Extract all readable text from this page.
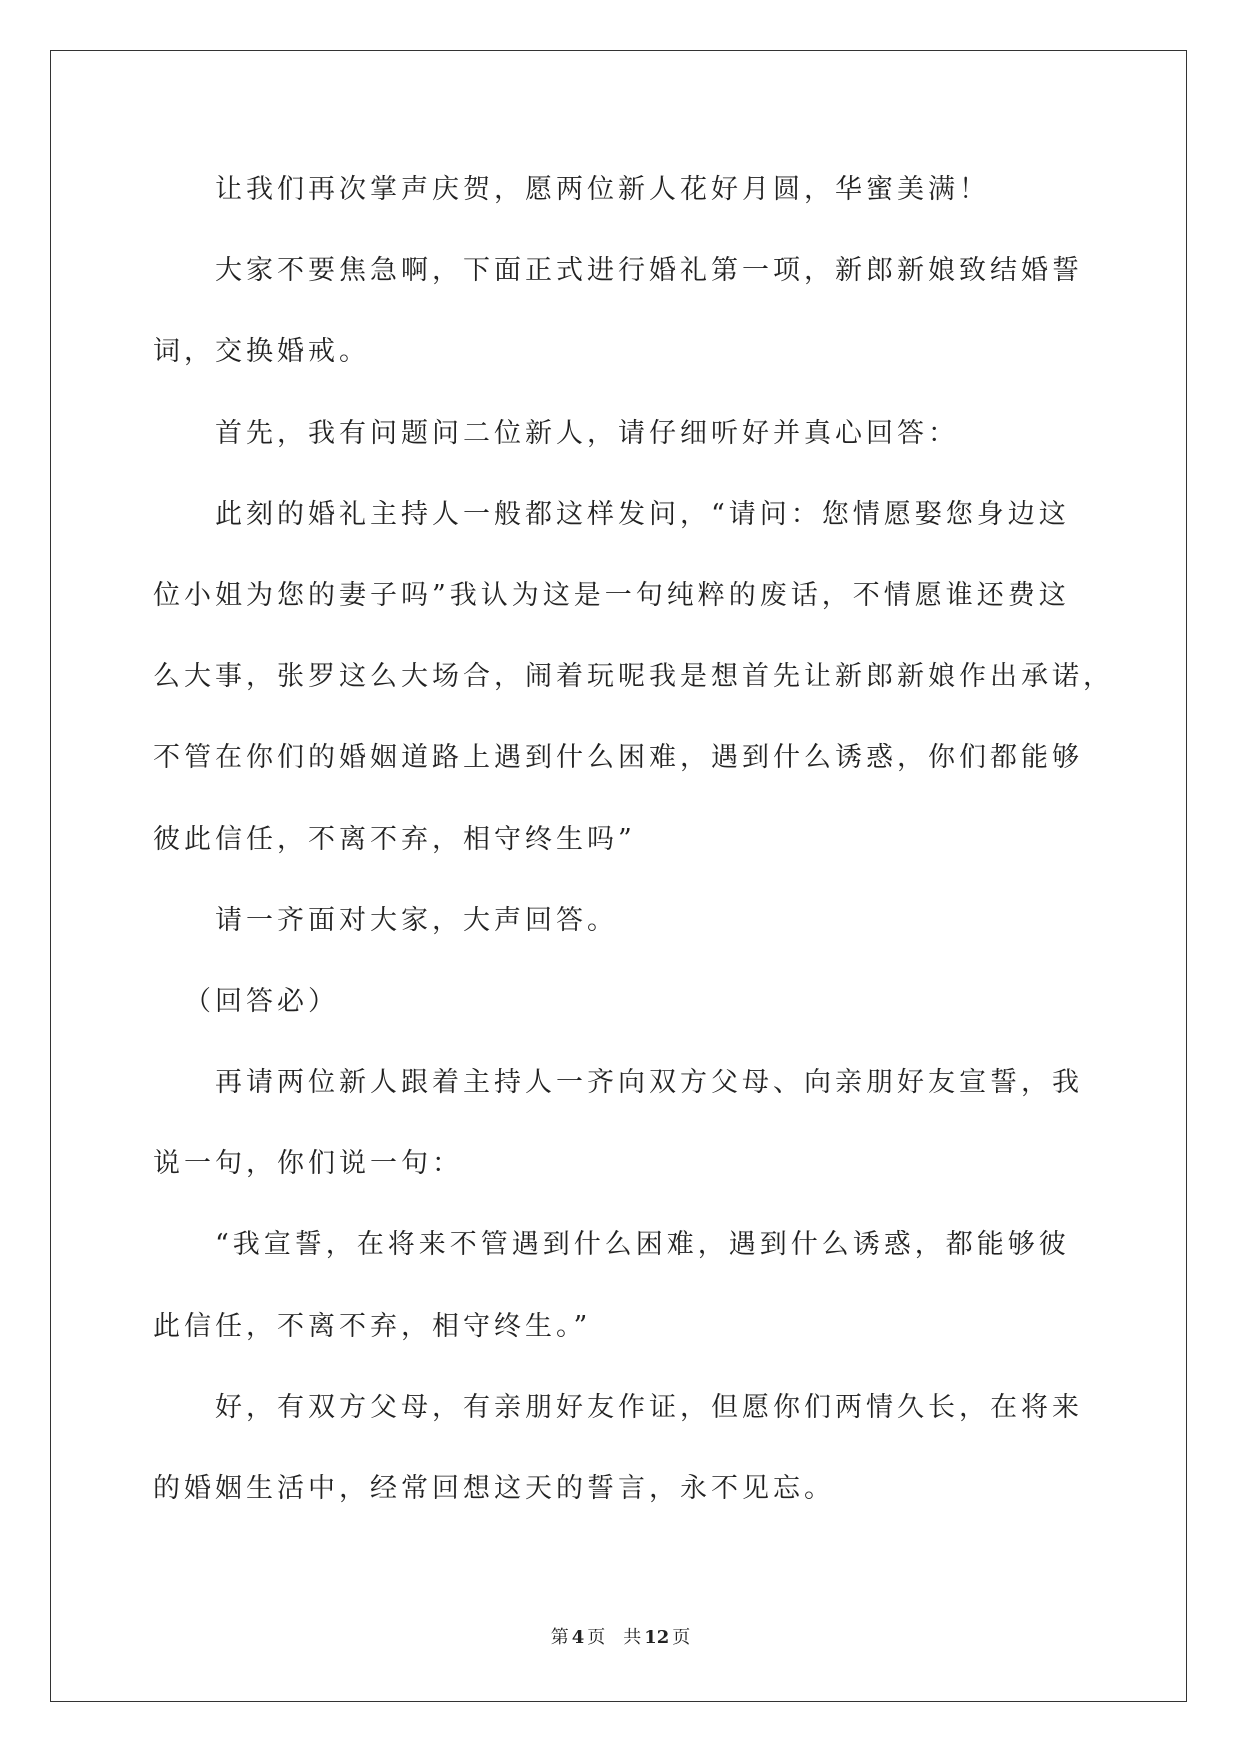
让我们再次掌声庆贺，愿两位新人花好月圆，华蜜美满！
大家不要焦急啊，下面正式进行婚礼第一项，新郎新娘致结婚誓
词，交换婚戒。
首先，我有问题问二位新人，请仔细听好并真心回答：
此刻的婚礼主持人一般都这样发问，“请问：您情愿娶您身边这
位小姐为您的妻子吗”我认为这是一句纯粹的废话，不情愿谁还费这
么大事，张罗这么大场合，闹着玩呢我是想首先让新郎新娘作出承诺，
不管在你们的婚姻道路上遇到什么困难，遇到什么诱惑，你们都能够
彼此信任，不离不弃，相守终生吗”
请一齐面对大家，大声回答。
（回答必）
再请两位新人跟着主持人一齐向双方父母、向亲朋好友宣誓，我
说一句，你们说一句：
“我宣誓，在将来不管遇到什么困难，遇到什么诱惑，都能够彼
此信任，不离不弃，相守终生。”
好，有双方父母，有亲朋好友作证，但愿你们两情久长，在将来
的婚姻生活中，经常回想这天的誓言，永不见忘。
第 4 页 共 12 页
